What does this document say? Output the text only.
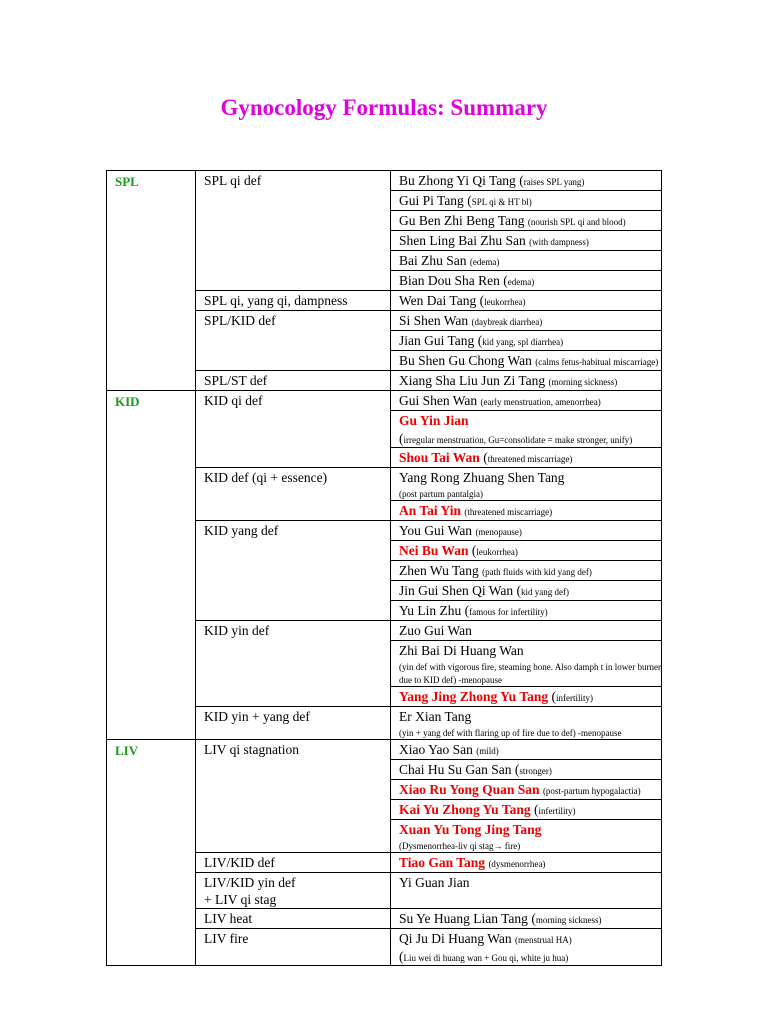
Gynocology Formulas: Summary
SPL	SPL qi def	Bu Zhong Yi Qi Tang (raises SPL yang)
		Gui Pi Tang (SPL qi & HT bl)
		Gu Ben Zhi Beng Tang (nourish SPL qi and blood)
		Shen Ling Bai Zhu San (with dampness)
		Bai Zhu San (edema)
		Bian Dou Sha Ren (edema)

	SPL qi, yang qi, dampness	Wen Dai Tang (leukorrhea)

	SPL/KID def	Si Shen Wan (daybreak diarrhea)
		Jian Gui Tang (kid yang, spl diarrhea)
		Bu Shen Gu Chong Wan (calms fetus-habitual miscarriage)

	SPL/ST def	Xiang Sha Liu Jun Zi Tang (morning sickness)
KID	KID qi def	Gui Shen Wan (early menstruation, amenorrhea)
		Gu Yin Jian
(irregular menstruation, Gu=consolidate = make stronger, unify)

		Shou Tai Wan (threatened miscarriage)

	KID def (qi + essence)	Yang Rong Zhuang Shen Tang
(post partum pantalgia)

		An Tai Yin (threatened miscarriage)

	KID yang def	You Gui Wan (menopause)
		Nei Bu Wan (leukorrhea)
		Zhen Wu Tang (path fluids with kid yang def)
		Jin Gui Shen Qi Wan (kid yang def)
		Yu Lin Zhu (famous for infertility)

	KID yin def	Zuo Gui Wan
		Zhi Bai Di Huang Wan
(yin def with vigorous fire, steaming bone. Also damph t in lower burner due to KID def) -menopause

		Yang Jing Zhong Yu Tang (infertility)

	KID yin + yang def	Er Xian Tang
(yin + yang def with flaring up of fire due to def) -menopause

LIV	LIV qi stagnation	Xiao Yao San (mild)
		Chai Hu Su Gan San (stronger)
		Xiao Ru Yong Quan San (post-partum hypogalactia)
		Kai Yu Zhong Yu Tang (infertility)
		Xuan Yu Tong Jing Tang
(Dysmenorrhea-liv qi stag→ fire)

	LIV/KID def	Tiao Gan Tang (dysmenorrhea)

	LIV/KID yin def
+ LIV qi stag	Yi Guan Jian

	LIV heat	Su Ye Huang Lian Tang (morning sickness)

	LIV fire	Qi Ju Di Huang Wan (menstrual HA)
(Liu wei di huang wan + Gou qi, white ju hua)
